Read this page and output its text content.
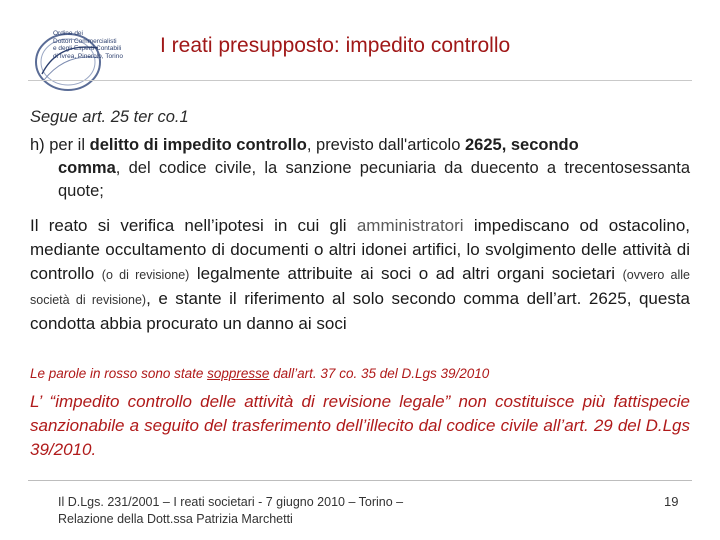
Ordine dei
Dottori Commercialisti
e degli Esperti Contabili
di Ivrea, Pinerolo, Torino	I reati presupposto: impedito controllo
Segue art. 25 ter co.1
h) per il delitto di impedito controllo, previsto dall'articolo 2625, secondo
comma, del codice civile, la sanzione pecuniaria da duecento a trecentosessanta quote;
Il reato si verifica nell’ipotesi in cui gli amministratori impediscano od ostacolino, mediante occultamento di documenti o altri idonei artifici, lo svolgimento delle attività di controllo (o di revisione) legalmente attribuite ai soci o ad altri organi societari (ovvero alle società di revisione), e stante il riferimento al solo secondo comma dell’art. 2625, questa condotta abbia procurato un danno ai soci
Le parole in rosso sono state soppresse dall’art. 37 co. 35 del D.Lgs 39/2010
L’ “impedito controllo delle attività di revisione legale” non costituisce più fattispecie sanzionabile a seguito del trasferimento dell’illecito dal codice civile all’art. 29 del D.Lgs 39/2010.
Il D.Lgs. 231/2001 – I reati societari - 7 giugno 2010 – Torino –
Relazione della Dott.ssa Patrizia Marchetti
19
